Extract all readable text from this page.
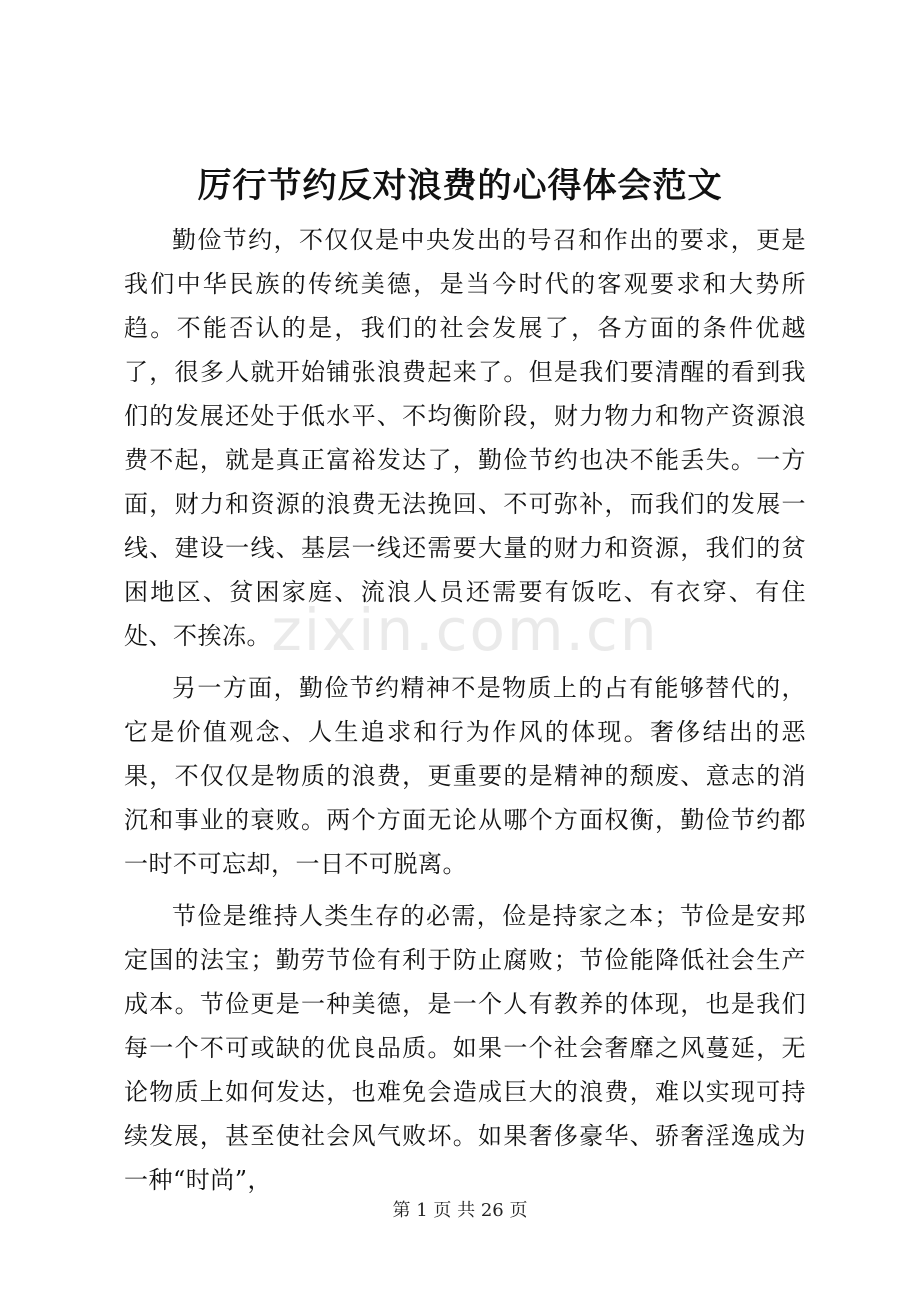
厉行节约反对浪费的心得体会范文

勤俭节约，不仅仅是中央发出的号召和作出的要求，更是我们中华民族的传统美德，是当今时代的客观要求和大势所趋。不能否认的是，我们的社会发展了，各方面的条件优越了，很多人就开始铺张浪费起来了。但是我们要清醒的看到我们的发展还处于低水平、不均衡阶段，财力物力和物产资源浪费不起，就是真正富裕发达了，勤俭节约也决不能丢失。一方面，财力和资源的浪费无法挽回、不可弥补，而我们的发展一线、建设一线、基层一线还需要大量的财力和资源，我们的贫困地区、贫困家庭、流浪人员还需要有饭吃、有衣穿、有住处、不挨冻。

另一方面，勤俭节约精神不是物质上的占有能够替代的，它是价值观念、人生追求和行为作风的体现。奢侈结出的恶果，不仅仅是物质的浪费，更重要的是精神的颓废、意志的消沉和事业的衰败。两个方面无论从哪个方面权衡，勤俭节约都一时不可忘却，一日不可脱离。

节俭是维持人类生存的必需，俭是持家之本；节俭是安邦定国的法宝；勤劳节俭有利于防止腐败；节俭能降低社会生产成本。节俭更是一种美德，是一个人有教养的体现，也是我们每一个不可或缺的优良品质。如果一个社会奢靡之风蔓延，无论物质上如何发达，也难免会造成巨大的浪费，难以实现可持续发展，甚至使社会风气败坏。如果奢侈豪华、骄奢淫逸成为一种“时尚”，

zixin.com.cn

第 1 页 共 26 页
